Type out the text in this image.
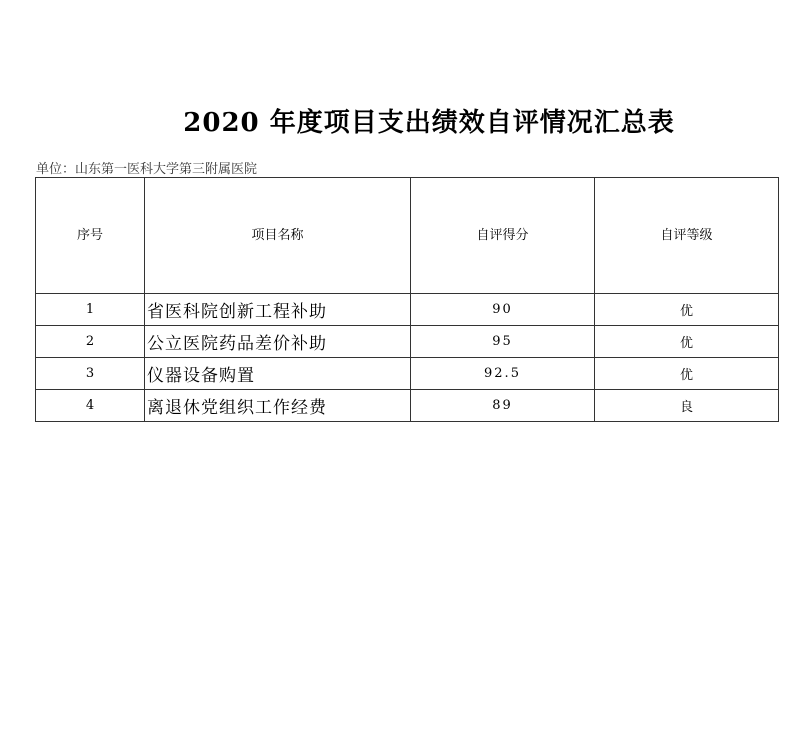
2020 年度项目支出绩效自评情况汇总表
单位：山东第一医科大学第三附属医院
序号	项目名称	自评得分	自评等级
1	省医科院创新工程补助	90	优
2	公立医院药品差价补助	95	优
3	仪器设备购置	92.5	优
4	离退休党组织工作经费	89	良
